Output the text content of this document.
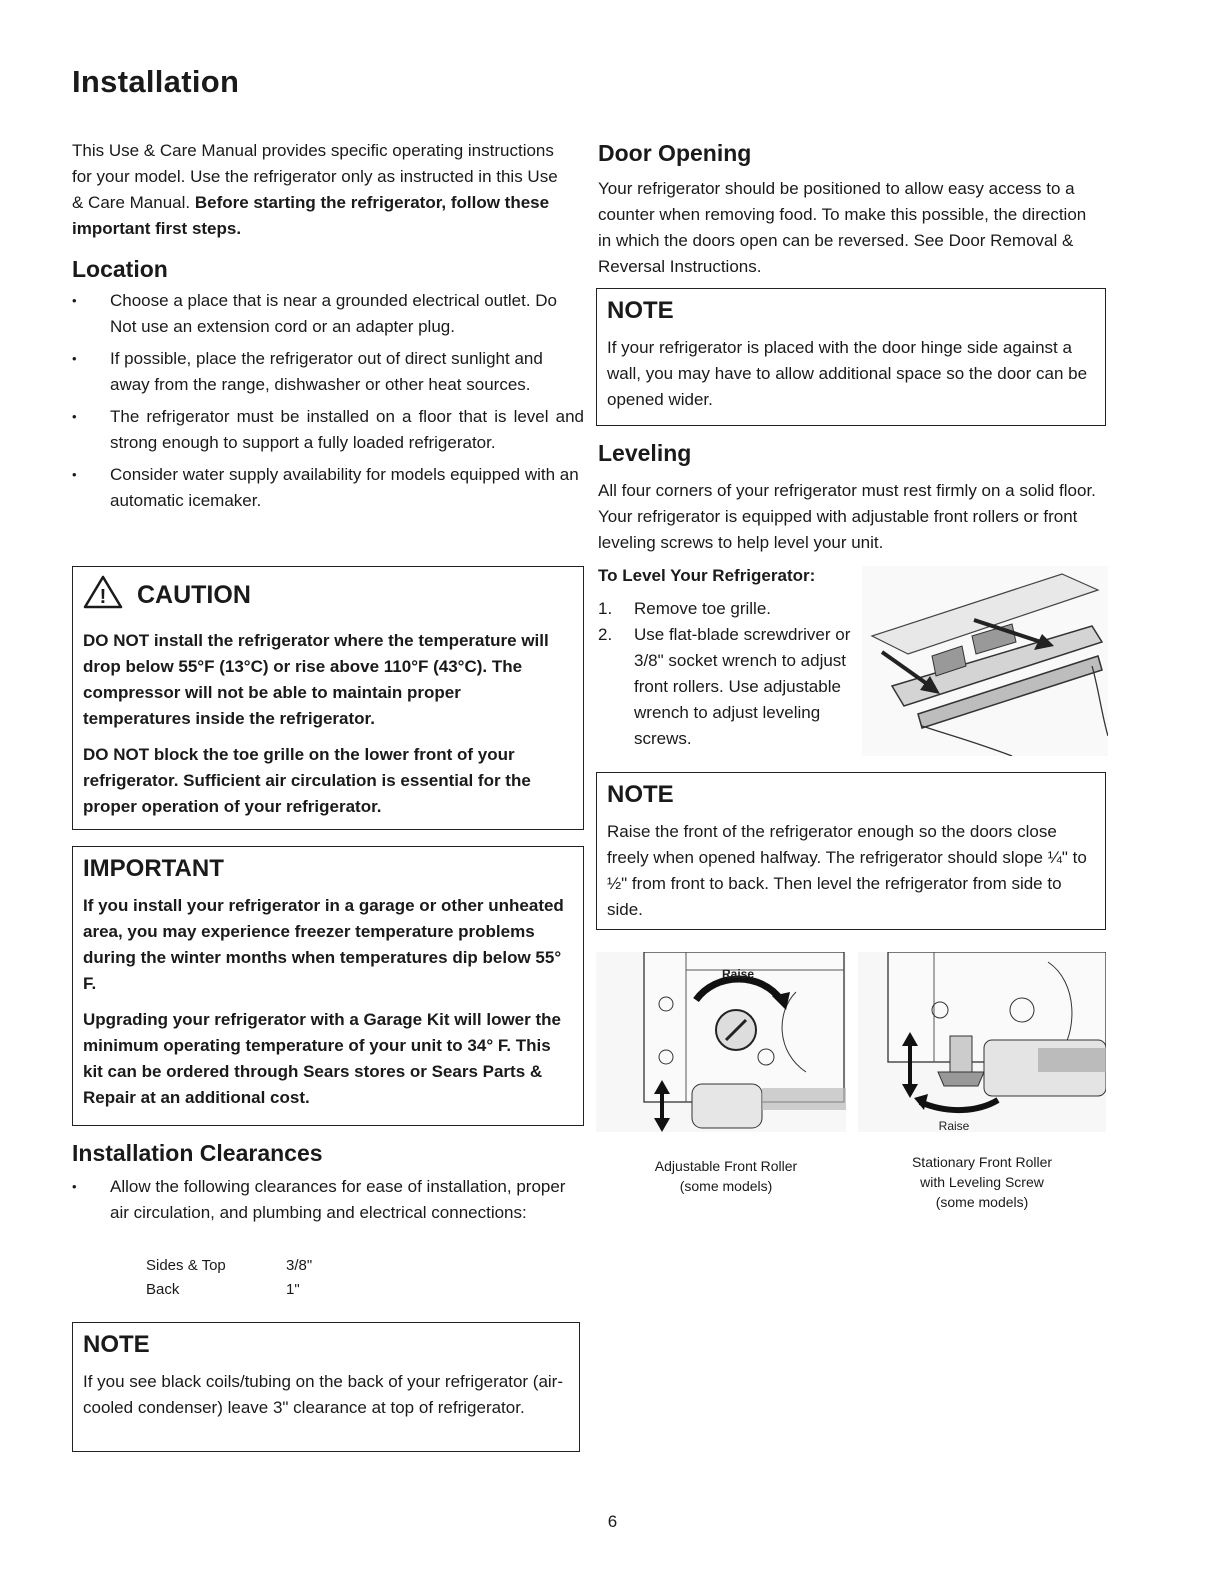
Installation

This Use & Care Manual provides specific operating instructions for your model. Use the refrigerator only as instructed in this Use & Care Manual. Before starting the refrigerator, follow these important first steps.

Location
• Choose a place that is near a grounded electrical outlet. Do Not use an extension cord or an adapter plug.
• If possible, place the refrigerator out of direct sunlight and away from the range, dishwasher or other heat sources.
• The refrigerator must be installed on a floor that is level and strong enough to support a fully loaded refrigerator.
• Consider water supply availability for models equipped with an automatic icemaker.
! CAUTION

DO NOT install the refrigerator where the temperature will drop below 55°F (13°C) or rise above 110°F (43°C). The compressor will not be able to maintain proper temperatures inside the refrigerator.

DO NOT block the toe grille on the lower front of your refrigerator. Sufficient air circulation is essential for the proper operation of your refrigerator.

IMPORTANT

If you install your refrigerator in a garage or other unheated area, you may experience freezer temperature problems during the winter months when temperatures dip below 55° F.

Upgrading your refrigerator with a Garage Kit will lower the minimum operating temperature of your unit to 34° F. This kit can be ordered through Sears stores or Sears Parts & Repair at an additional cost.

Installation Clearances
• Allow the following clearances for ease of installation, proper air circulation, and plumbing and electrical connections:
Sides & Top	3/8"
Back	1"
NOTE

If you see black coils/tubing on the back of your refrigerator (air-cooled condenser) leave 3" clearance at top of refrigerator.

Door Opening

Your refrigerator should be positioned to allow easy access to a counter when removing food. To make this possible, the direction in which the doors open can be reversed. See Door Removal & Reversal Instructions.

NOTE

If your refrigerator is placed with the door hinge side against a wall, you may have to allow additional space so the door can be opened wider.

Leveling

All four corners of your refrigerator must rest firmly on a solid floor. Your refrigerator is equipped with adjustable front rollers or front leveling screws to help level your unit.

To Level Your Refrigerator:
1. Remove toe grille.
2. Use flat-blade screwdriver or 3/8" socket wrench to adjust front rollers. Use adjustable wrench to adjust leveling screws.
NOTE

Raise the front of the refrigerator enough so the doors close freely when opened halfway. The refrigerator should slope ¼" to ½" from front to back. Then level the refrigerator from side to side.

Raise
Adjustable Front Roller
(some models)
Raise
Stationary Front Roller
with Leveling Screw
(some models)
6
